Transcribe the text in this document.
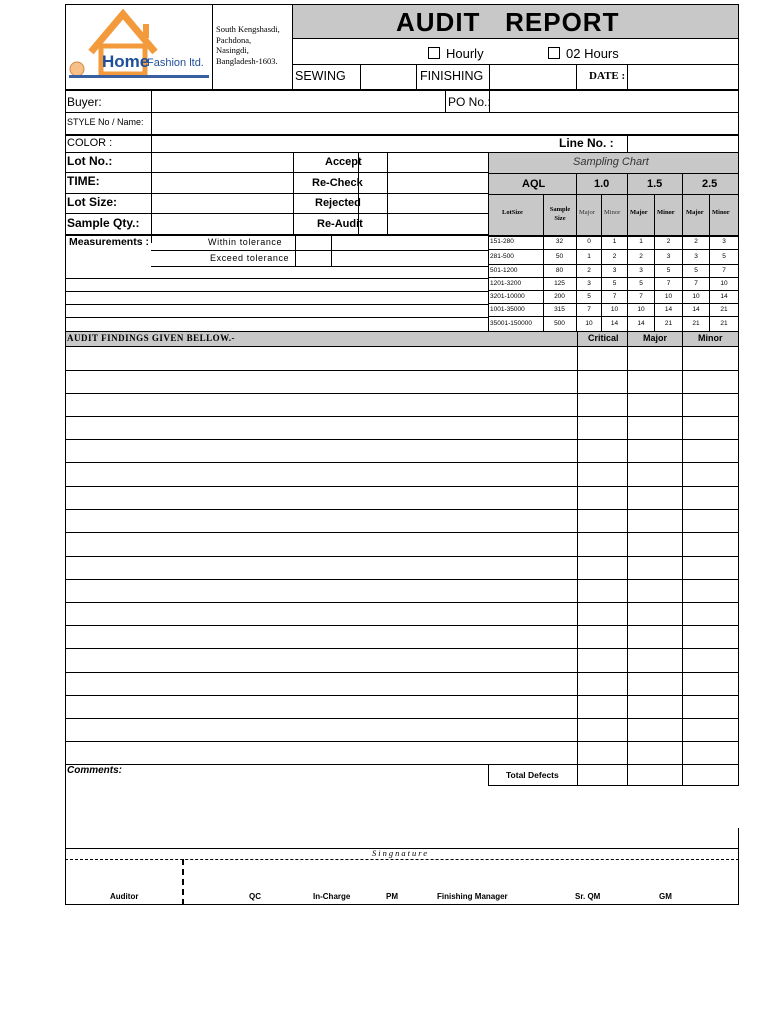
Home
Fashion ltd.
South Kengshasdi,
Pachdona,
Nasingdi,
Bangladesh-1603.
AUDIT   REPORT
Hourly	02 Hours
SEWING	FINISHING	DATE :
Buyer:	PO No.:
STYLE No / Name:
COLOR :	Line No. :
Lot No.:
TIME:
Lot Size:
Sample Qty.:
Accept
Re-Check
Rejected
Re-Audit
Measurements :	Within tolerance
Exceed tolerance
Sampling Chart
AQL	1.0	1.5	2.5
LotSize	Sample Size
Major Minor Major Minor Major Minor
151-280	32	0	1	1	2	2	3
281-500	50	1	2	2	3	3	5
501-1200	80	2	3	3	5	5	7
1201-3200	125	3	5	5	7	7	10
3201-10000	200	5	7	7	10	10	14
1001-35000	315	7	10	10	14	14	21
35001-150000	500	10	14	14	21	21	21
AUDIT FINDINGS GIVEN BELLOW.-	Critical	Major	Minor
Comments:	Total Defects
Singnature
Auditor	QC	In-Charge	PM	Finishing Manager	Sr. QM	GM
